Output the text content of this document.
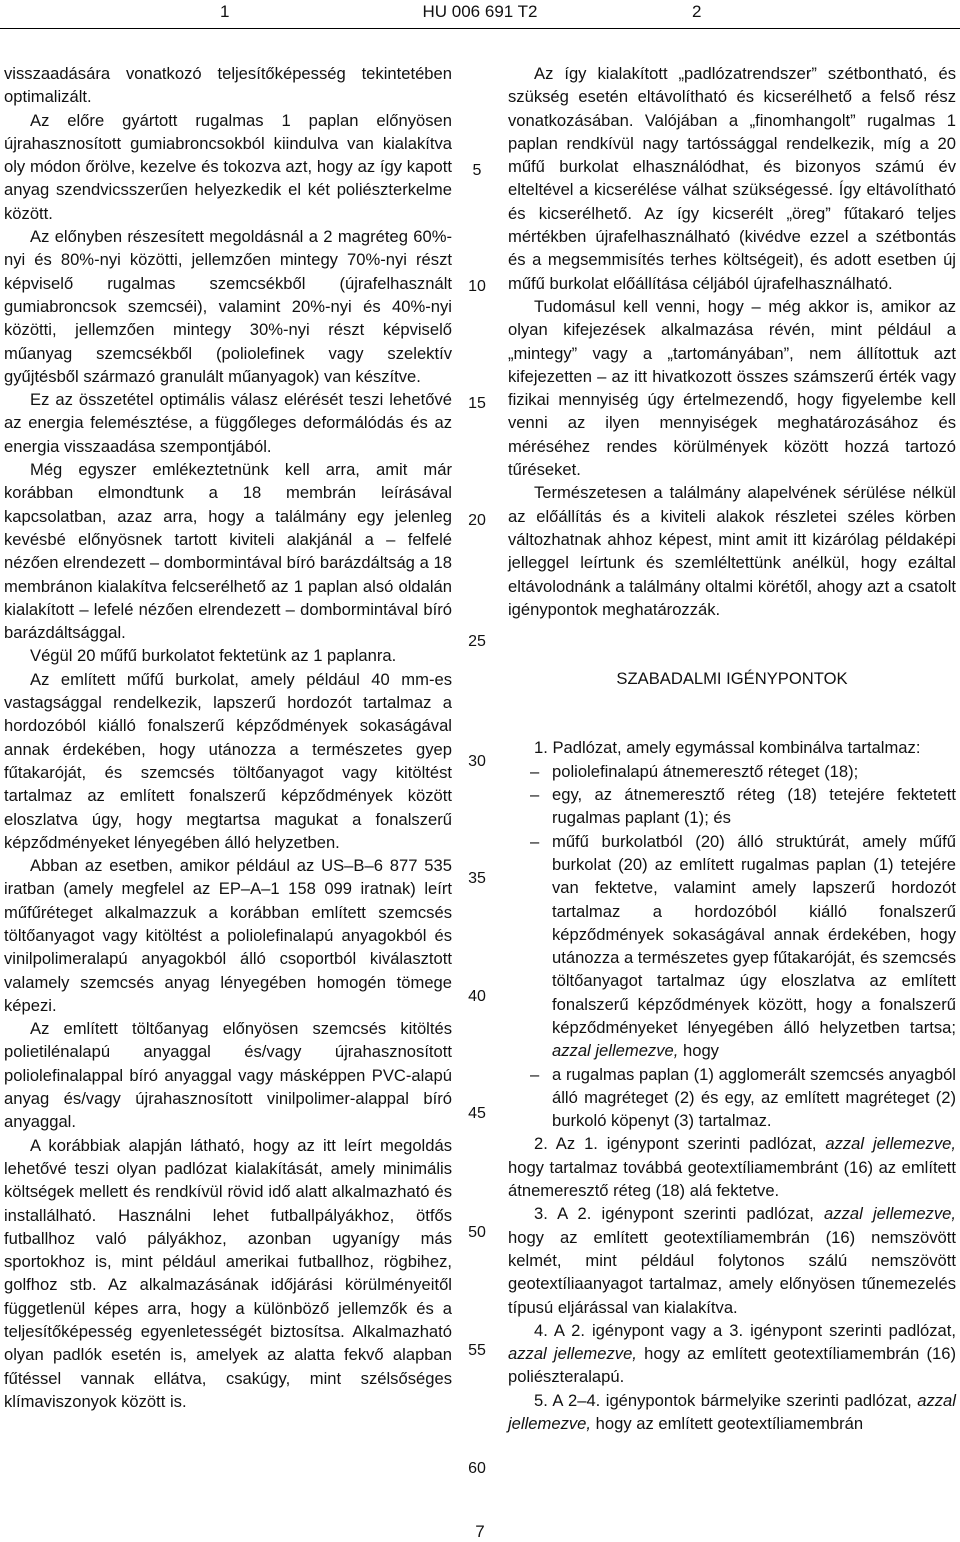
1	HU 006 691 T2	2

visszaadására vonatkozó teljesítőképesség tekintetében optimalizált.

Az előre gyártott rugalmas 1 paplan előnyösen újrahasznosított gumiabroncsokból kiindulva van kialakítva oly módon őrölve, kezelve és tokozva azt, hogy az így kapott anyag szendvicsszerűen helyezkedik el két poliészterkelme között.

Az előnyben részesített megoldásnál a 2 magréteg 60%-nyi és 80%-nyi közötti, jellemzően mintegy 70%-nyi részt képviselő rugalmas szemcsékből (újrafelhasznált gumiabroncsok szemcséi), valamint 20%-nyi és 40%-nyi közötti, jellemzően mintegy 30%-nyi részt képviselő műanyag szemcsékből (poliolefinek vagy szelektív gyűjtésből származó granulált műanyagok) van készítve.

Ez az összetétel optimális válasz elérését teszi lehetővé az energia felemésztése, a függőleges deformálódás és az energia visszaadása szempontjából.

Még egyszer emlékeztetnünk kell arra, amit már korábban elmondtunk a 18 membrán leírásával kapcsolatban, azaz arra, hogy a találmány egy jelenleg kevésbé előnyösnek tartott kiviteli alakjánál a – felfelé nézően elrendezett – dombormintával bíró barázdáltság a 18 membránon kialakítva felcserélhető az 1 paplan alsó oldalán kialakított – lefelé nézően elrendezett – dombormintával bíró barázdáltsággal.

Végül 20 műfű burkolatot fektetünk az 1 paplanra.

Az említett műfű burkolat, amely például 40 mm-es vastagsággal rendelkezik, lapszerű hordozót tartalmaz a hordozóból kiálló fonalszerű képződmények sokaságával annak érdekében, hogy utánozza a természetes gyep fűtakaróját, és szemcsés töltőanyagot vagy kitöltést tartalmaz az említett fonalszerű képződmények között eloszlatva úgy, hogy megtartsa magukat a fonalszerű képződményeket lényegében álló helyzetben.

Abban az esetben, amikor például az US–B–6 877 535 iratban (amely megfelel az EP–A–1 158 099 iratnak) leírt műfűréteget alkalmazzuk a korábban említett szemcsés töltőanyagot vagy kitöltést a poliolefinalapú anyagokból és vinilpolimeralapú anyagokból álló csoportból kiválasztott valamely szemcsés anyag lényegében homogén tömege képezi.

Az említett töltőanyag előnyösen szemcsés kitöltés polietilénalapú anyaggal és/vagy újrahasznosított poliolefinalappal bíró anyaggal vagy másképpen PVC-alapú anyag és/vagy újrahasznosított vinilpolimer-alappal bíró anyaggal.

A korábbiak alapján látható, hogy az itt leírt megoldás lehetővé teszi olyan padlózat kialakítását, amely minimális költségek mellett és rendkívül rövid idő alatt alkalmazható és installálható. Használni lehet futballpályákhoz, ötfős futballhoz való pályákhoz, azonban ugyanígy más sportokhoz is, mint például amerikai futballhoz, rögbihez, golfhoz stb. Az alkalmazásának időjárási körülményeitől függetlenül képes arra, hogy a különböző jellemzők és a teljesítőképesség egyenletességét biztosítsa. Alkalmazható olyan padlók esetén is, amelyek az alatta fekvő alapban fűtéssel vannak ellátva, csakúgy, mint szélsőséges klímaviszonyok között is.

Az így kialakított „padlózatrendszer” szétbontható, és szükség esetén eltávolítható és kicserélhető a felső rész vonatkozásában. Valójában a „finomhangolt” rugalmas 1 paplan rendkívül nagy tartóssággal rendelkezik, míg a 20 műfű burkolat elhasználódhat, és bizonyos számú év elteltével a kicserélése válhat szükségessé. Így eltávolítható és kicserélhető. Az így kicserélt „öreg” fűtakaró teljes mértékben újrafelhasználható (kivédve ezzel a szétbontás és a megsemmisítés terhes költségeit), és adott esetben új műfű burkolat előállítása céljából újrafelhasználható.

Tudomásul kell venni, hogy – még akkor is, amikor az olyan kifejezések alkalmazása révén, mint például a „mintegy” vagy a „tartományában”, nem állítottuk azt kifejezetten – az itt hivatkozott összes számszerű érték vagy fizikai mennyiség úgy értelmezendő, hogy figyelembe kell venni az ilyen mennyiségek meghatározásához és méréséhez rendes körülmények között hozzá tartozó tűréseket.

Természetesen a találmány alapelvének sérülése nélkül az előállítás és a kiviteli alakok részletei széles körben változhatnak ahhoz képest, mint amit itt kizárólag példaképi jelleggel leírtunk és szemléltettünk anélkül, hogy ezáltal eltávolodnánk a találmány oltalmi körétől, ahogy azt a csatolt igénypontok meghatározzák.

SZABADALMI IGÉNYPONTOK

1. Padlózat, amely egymással kombinálva tartalmaz:

– poliolefinalapú átnemeresztő réteget (18);

– egy, az átnemeresztő réteg (18) tetejére fektetett rugalmas paplant (1); és

– műfű burkolatból (20) álló struktúrát, amely műfű burkolat (20) az említett rugalmas paplan (1) tetejére van fektetve, valamint amely lapszerű hordozót tartalmaz a hordozóból kiálló fonalszerű képződmények sokaságával annak érdekében, hogy utánozza a természetes gyep fűtakaróját, és szemcsés töltőanyagot tartalmaz úgy eloszlatva az említett fonalszerű képződmények között, hogy a fonalszerű képződményeket lényegében álló helyzetben tartsa; azzal jellemezve, hogy

– a rugalmas paplan (1) agglomerált szemcsés anyagból álló magréteget (2) és egy, az említett magréteget (2) burkoló köpenyt (3) tartalmaz.

2. Az 1. igénypont szerinti padlózat, azzal jellemezve, hogy tartalmaz továbbá geotextíliamembránt (16) az említett átnemeresztő réteg (18) alá fektetve.

3. A 2. igénypont szerinti padlózat, azzal jellemezve, hogy az említett geotextíliamembrán (16) nemszövött kelmét, mint például folytonos szálú nemszövött geotextíliaanyagot tartalmaz, amely előnyösen tűnemezelés típusú eljárással van kialakítva.

4. A 2. igénypont vagy a 3. igénypont szerinti padlózat, azzal jellemezve, hogy az említett geotextíliamembrán (16) poliészteralapú.

5. A 2–4. igénypontok bármelyike szerinti padlózat, azzal jellemezve, hogy az említett geotextíliamembrán

5
10
15
20
25
30
35
40
45
50
55
60
7
